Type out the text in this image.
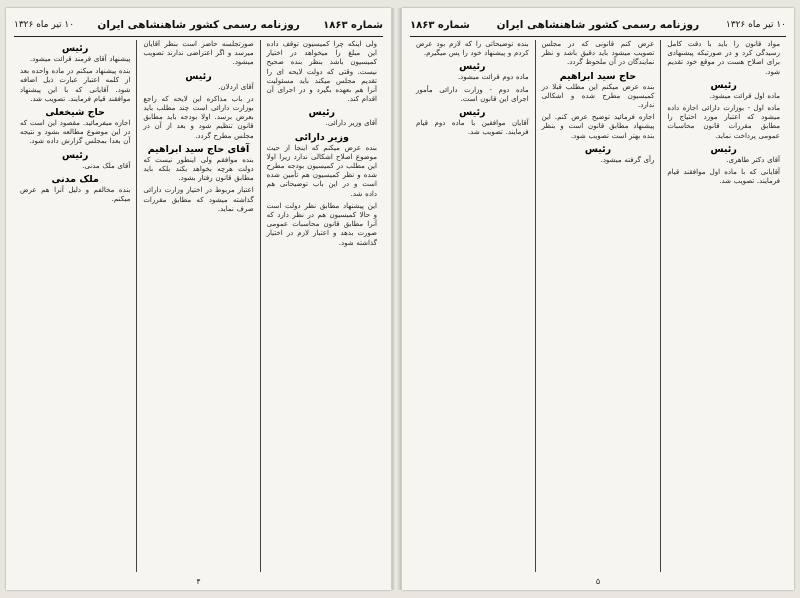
شماره ۱۸۶۳
روزنامه رسمی کشور شاهنشاهی ایران
۱۰ تیر ماه ۱۳۲۶

ولی اینکه چرا کمیسیون توقف داده این مبلغ را میخواهد در اختیار کمیسیون باشد بنظر بنده صحیح نیست. وقتی که دولت لایحه ای را تقدیم مجلس میکند باید مسئولیت آنرا هم بعهده بگیرد و در اجرای آن اقدام کند.

رئیس

آقای وزیر دارائی.

وزیر دارائی

بنده عرض میکنم که اینجا از حیث موضوع اصلاح اشکالی ندارد زیرا اولا این مطلب در کمیسیون بودجه مطرح شده و نظر کمیسیون هم تأمین شده است و در این باب توضیحاتی هم داده شد.

این پیشنهاد مطابق نظر دولت است و حالا کمیسیون هم در نظر دارد که آنرا مطابق قانون محاسبات عمومی صورت بدهد و اعتبار لازم در اختیار گذاشته شود.

صورتجلسه حاضر است بنظر آقایان میرسد و اگر اعتراضی ندارند تصویب میشود.

رئیس

آقای اردلان.

در باب مذاکره این لایحه که راجع بوزارت دارائی است چند مطلب باید بعرض برسد. اولا بودجه باید مطابق قانون تنظیم شود و بعد از آن در مجلس مطرح گردد.

آقای حاج سید ابراهیم

بنده موافقم ولی اینطور نیست که دولت هرچه بخواهد بکند بلکه باید مطابق قانون رفتار بشود.

اعتبار مربوط در اختیار وزارت دارائی گذاشته میشود که مطابق مقررات صرف نماید.

رئیس

پیشنهاد آقای فرمند قرائت میشود.

بنده پیشنهاد میکنم در ماده واحده بعد از کلمه اعتبار عبارت ذیل اضافه شود. آقایانی که با این پیشنهاد موافقند قیام فرمایند. تصویب شد.

حاج شیخعلی

اجازه میفرمائید. مقصود این است که در این موضوع مطالعه بشود و نتیجه آن بعدا بمجلس گزارش داده شود.

رئیس

آقای ملک مدنی.

ملک مدنی

بنده مخالفم و دلیل آنرا هم عرض میکنم.

۴
۱۰ تیر ماه ۱۳۲۶
روزنامه رسمی کشور شاهنشاهی ایران
شماره ۱۸۶۳

مواد قانون را باید با دقت کامل رسیدگی کرد و در صورتیکه پیشنهادی برای اصلاح هست در موقع خود تقدیم شود.

رئیس

ماده اول قرائت میشود.

ماده اول - بوزارت دارائی اجازه داده میشود که اعتبار مورد احتیاج را مطابق مقررات قانون محاسبات عمومی پرداخت نماید.

رئیس

آقای دکتر طاهری.

آقایانی که با ماده اول موافقند قیام فرمایند. تصویب شد.

عرض کنم قانونی که در مجلس تصویب میشود باید دقیق باشد و نظر نمایندگان در آن ملحوظ گردد.

حاج سید ابراهیم

بنده عرض میکنم این مطلب قبلا در کمیسیون مطرح شده و اشکالی ندارد.

اجازه فرمائید توضیح عرض کنم. این پیشنهاد مطابق قانون است و بنظر بنده بهتر است تصویب شود.

رئیس

رأی گرفته میشود.

بنده توضیحاتی را که لازم بود عرض کردم و پیشنهاد خود را پس میگیرم.

رئیس

ماده دوم قرائت میشود.

ماده دوم - وزارت دارائی مأمور اجرای این قانون است.

رئیس

آقایان موافقین با ماده دوم قیام فرمایند. تصویب شد.

۵
